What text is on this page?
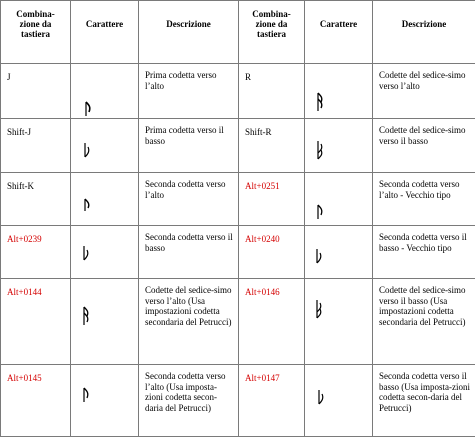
Combina-
zione da
tastiera	Carattere	Descrizione	Combina-
zione da
tastiera	Carattere	Descrizione
J		Prima codetta verso l’alto	R		Codette del sedice-simo verso l’alto
Shift-J		Prima codetta verso il basso	Shift-R		Codette del sedice-simo verso il basso
Shift-K		Seconda codetta verso l’alto	Alt+0251		Seconda codetta verso l’alto - Vecchio tipo
Alt+0239		Seconda codetta verso il basso	Alt+0240		Seconda codetta verso il basso - Vecchio tipo
Alt+0144		Codette del sedice-simo verso l’alto (Usa impostazioni codetta secondaria del Petrucci)	Alt+0146		Codette del sedice-simo verso il basso (Usa impostazioni codetta secondaria del Petrucci)
Alt+0145		Seconda codetta verso l’alto (Usa imposta-zioni codetta secon-daria del Petrucci)	Alt+0147		Seconda codetta verso il basso (Usa imposta-zioni codetta secon-daria del Petrucci)
